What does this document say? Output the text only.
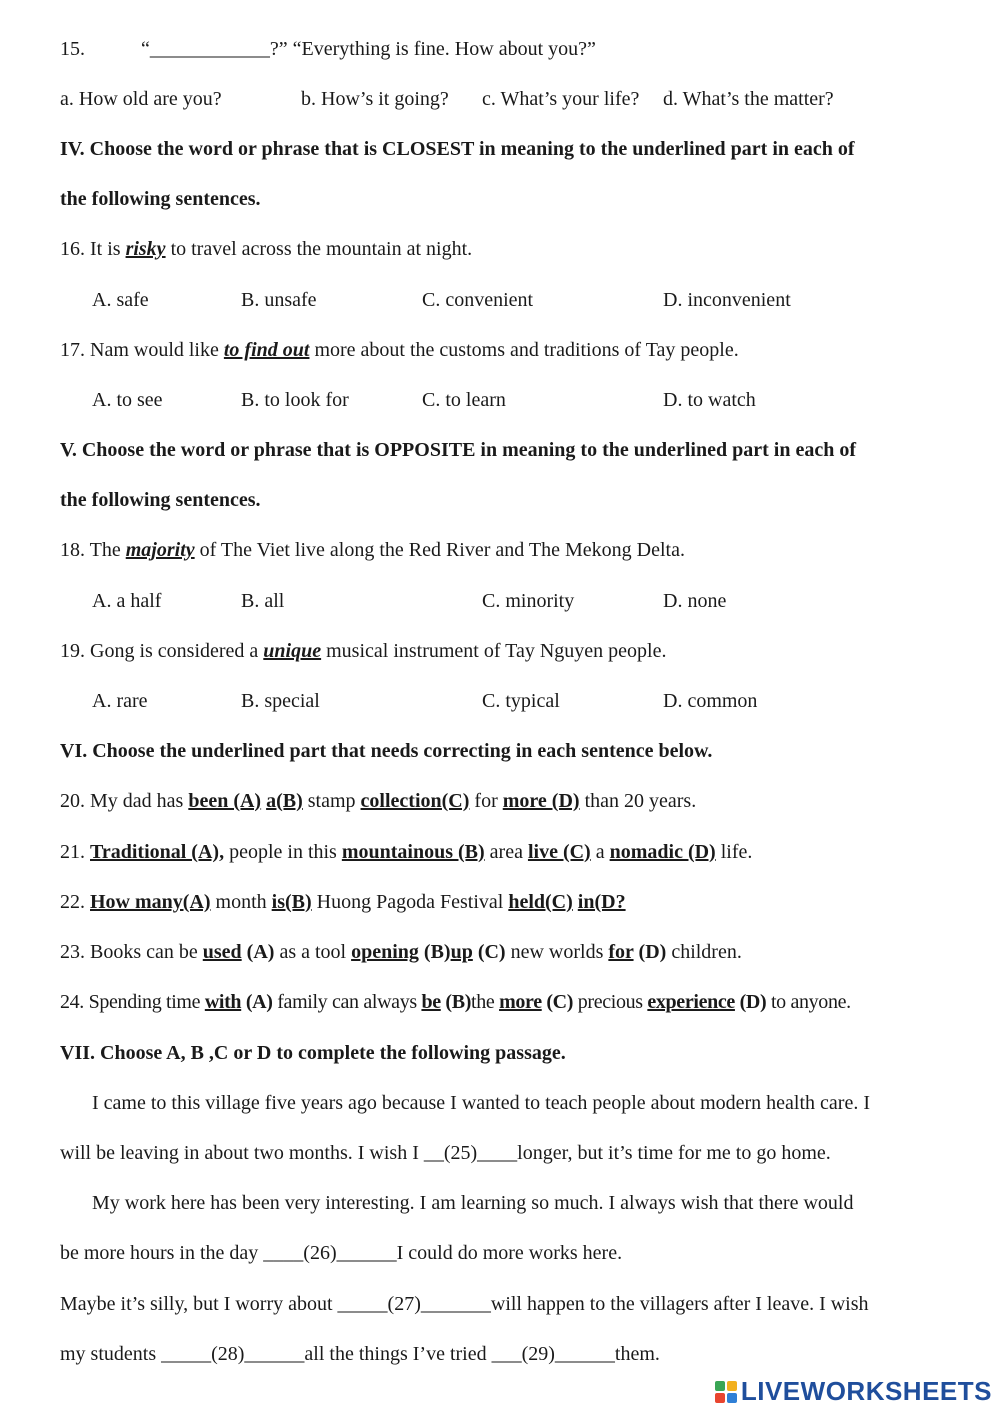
15.	“____________?” “Everything is fine. How about you?”
a. How old are you?	b. How’s it going? c. What’s your life? d. What’s the matter?
IV. Choose the word or phrase that is CLOSEST in meaning to the underlined part in each of
the following sentences.
16. It is risky to travel across the mountain at night.
A. safe	B. unsafe	C. convenient	D. inconvenient
17. Nam would like to find out more about the customs and traditions of Tay people.
A. to see	B. to look for	C. to learn	D. to watch
V. Choose the word or phrase that is OPPOSITE in meaning to the underlined part in each of
the following sentences.
18. The majority of The Viet live along the Red River and The Mekong Delta.
A. a half	B. all	C. minority	D. none
19. Gong is considered a unique musical instrument of Tay Nguyen people.
A. rare	B. special	C. typical	D. common
VI. Choose the underlined part that needs correcting in each sentence below.
20. My dad has been (A) a(B) stamp collection(C) for more (D) than 20 years.
21. Traditional (A), people in this mountainous (B) area live (C) a nomadic (D) life.
22. How many(A) month is(B) Huong Pagoda Festival held(C) in(D?
23. Books can be used (A) as a tool opening (B)up (C) new worlds for (D) children.
24. Spending time with (A) family can always be (B)the more (C) precious experience (D) to anyone.
VII. Choose A, B ,C or D to complete the following passage.
I came to this village five years ago because I wanted to teach people about modern health care. I
will be leaving in about two months. I wish I __(25)____longer, but it’s time for me to go home.
My work here has been very interesting. I am learning so much. I always wish that there would
be more hours in the day ____(26)______I could do more works here.
Maybe it’s silly, but I worry about _____(27)_______will happen to the villagers after I leave. I wish
my students _____(28)______all the things I’ve tried ___(29)______them.
LIVEWORKSHEETS
